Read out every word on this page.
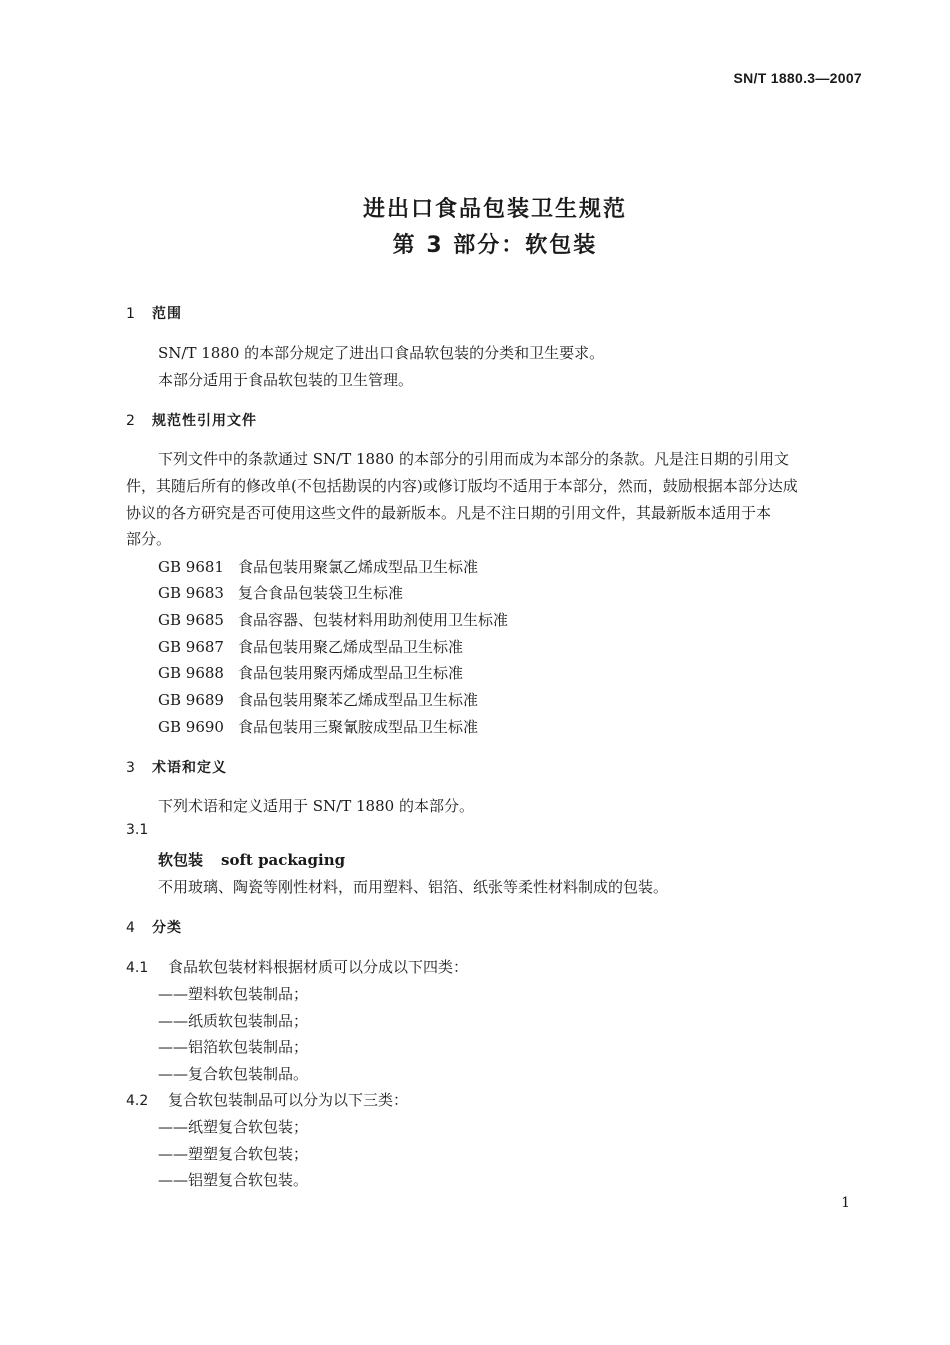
SN/T 1880.3—2007
进出口食品包装卫生规范
第 3 部分：软包装
1 范围
SN/T 1880 的本部分规定了进出口食品软包装的分类和卫生要求。
本部分适用于食品软包装的卫生管理。
2 规范性引用文件
下列文件中的条款通过 SN/T 1880 的本部分的引用而成为本部分的条款。凡是注日期的引用文
件，其随后所有的修改单(不包括勘误的内容)或修订版均不适用于本部分，然而，鼓励根据本部分达成
协议的各方研究是否可使用这些文件的最新版本。凡是不注日期的引用文件，其最新版本适用于本
部分。
GB 9681 食品包装用聚氯乙烯成型品卫生标准
GB 9683 复合食品包装袋卫生标准
GB 9685 食品容器、包装材料用助剂使用卫生标准
GB 9687 食品包装用聚乙烯成型品卫生标准
GB 9688 食品包装用聚丙烯成型品卫生标准
GB 9689 食品包装用聚苯乙烯成型品卫生标准
GB 9690 食品包装用三聚氰胺成型品卫生标准
3 术语和定义
下列术语和定义适用于 SN/T 1880 的本部分。
3.1
软包装 soft packaging
不用玻璃、陶瓷等刚性材料，而用塑料、铝箔、纸张等柔性材料制成的包装。
4 分类
4.1 食品软包装材料根据材质可以分成以下四类：
——塑料软包装制品；
——纸质软包装制品；
——铝箔软包装制品；
——复合软包装制品。
4.2 复合软包装制品可以分为以下三类：
——纸塑复合软包装；
——塑塑复合软包装；
——铝塑复合软包装。
1
